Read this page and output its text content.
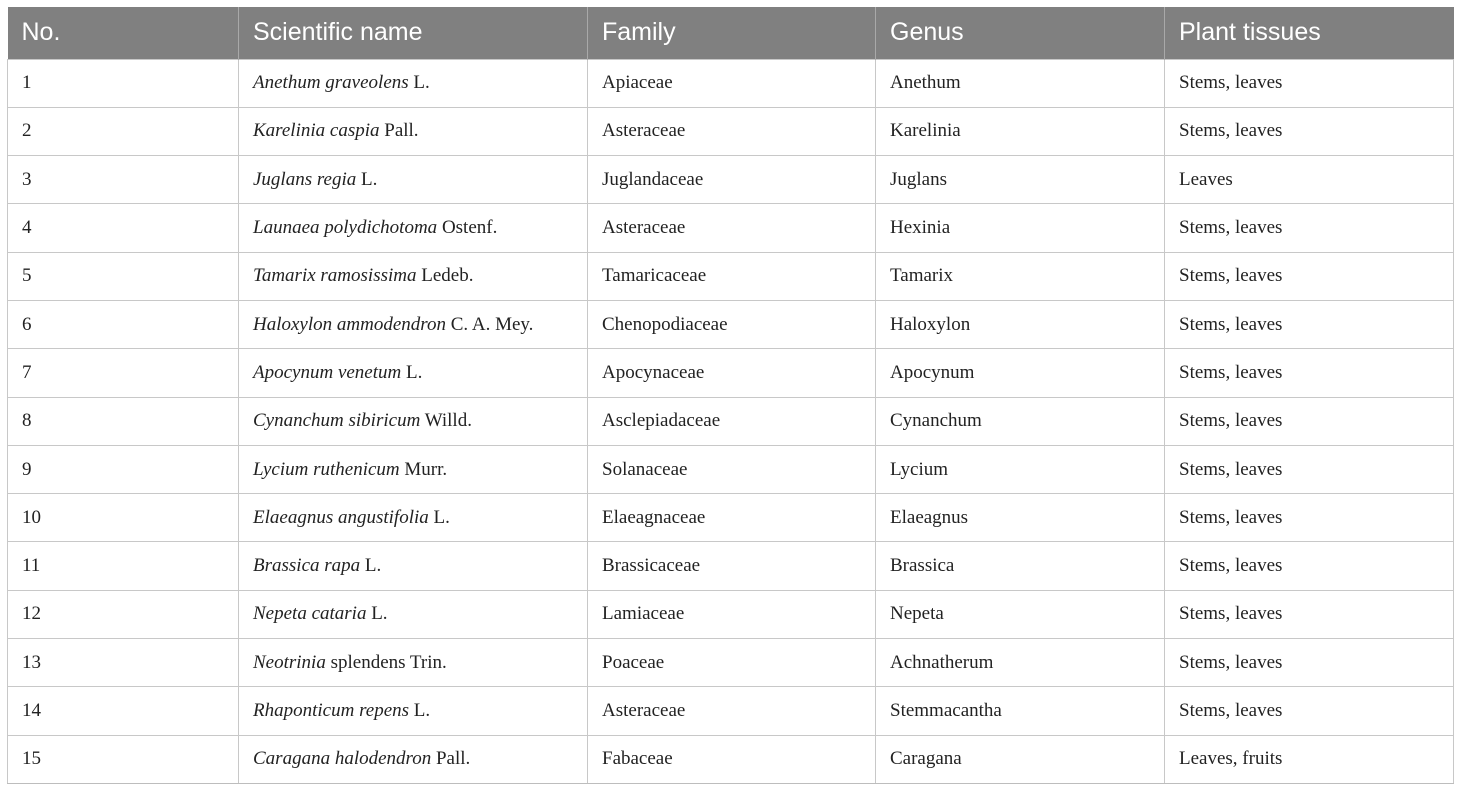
No.	Scientific name	Family	Genus	Plant tissues
1	Anethum graveolens L.	Apiaceae	Anethum	Stems, leaves
2	Karelinia caspia Pall.	Asteraceae	Karelinia	Stems, leaves
3	Juglans regia L.	Juglandaceae	Juglans	Leaves
4	Launaea polydichotoma Ostenf.	Asteraceae	Hexinia	Stems, leaves
5	Tamarix ramosissima Ledeb.	Tamaricaceae	Tamarix	Stems, leaves
6	Haloxylon ammodendron C. A. Mey.	Chenopodiaceae	Haloxylon	Stems, leaves
7	Apocynum venetum L.	Apocynaceae	Apocynum	Stems, leaves
8	Cynanchum sibiricum Willd.	Asclepiadaceae	Cynanchum	Stems, leaves
9	Lycium ruthenicum Murr.	Solanaceae	Lycium	Stems, leaves
10	Elaeagnus angustifolia L.	Elaeagnaceae	Elaeagnus	Stems, leaves
11	Brassica rapa L.	Brassicaceae	Brassica	Stems, leaves
12	Nepeta cataria L.	Lamiaceae	Nepeta	Stems, leaves
13	Neotrinia splendens Trin.	Poaceae	Achnatherum	Stems, leaves
14	Rhaponticum repens L.	Asteraceae	Stemmacantha	Stems, leaves
15	Caragana halodendron Pall.	Fabaceae	Caragana	Leaves, fruits
